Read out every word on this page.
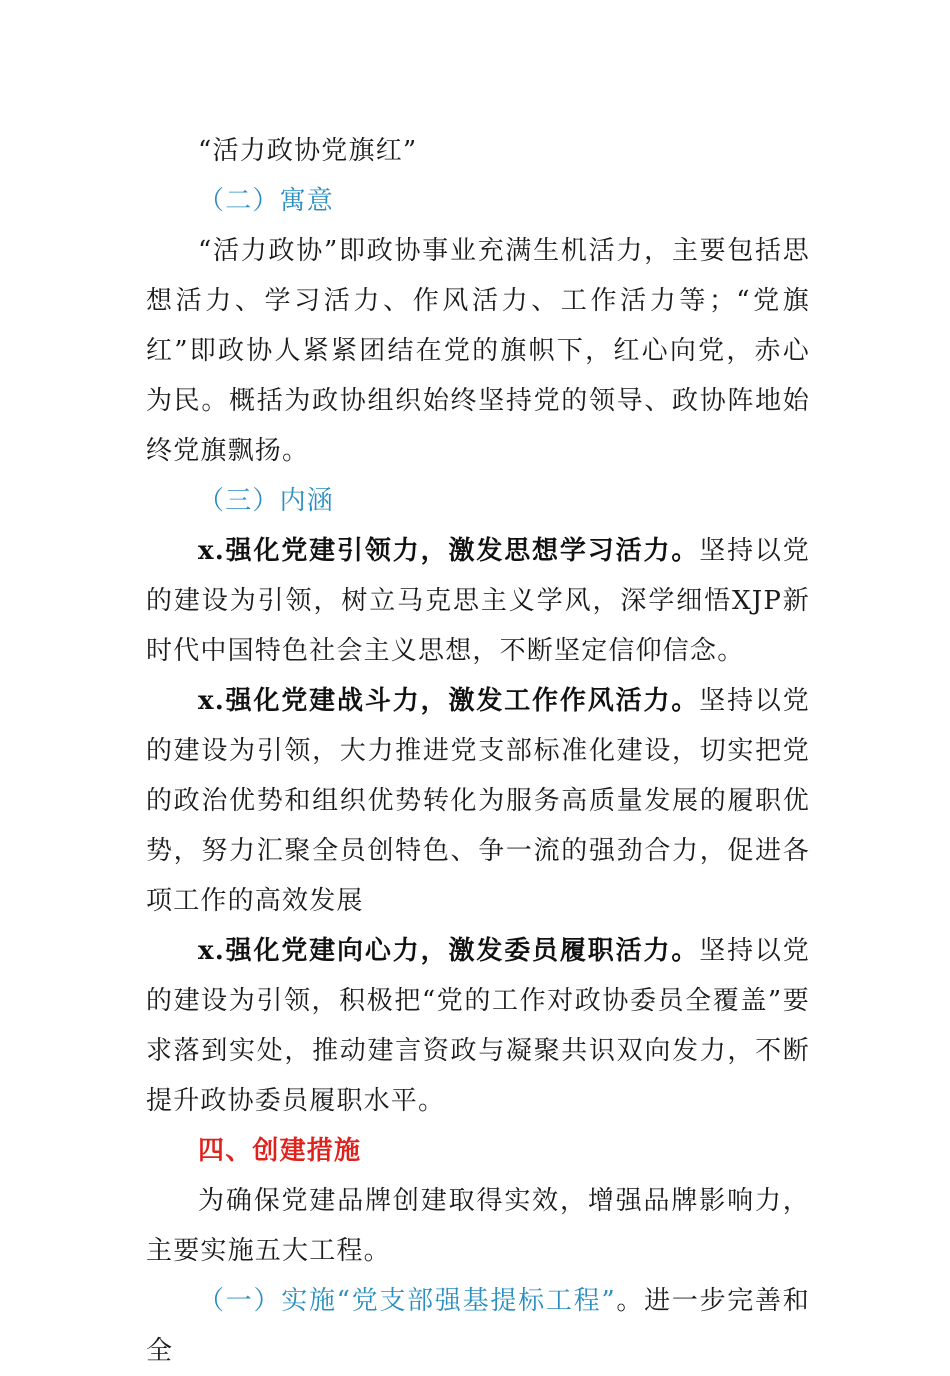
“活力政协党旗红”

（二）寓意

“活力政协”即政协事业充满生机活力，主要包括思想活力、学习活力、作风活力、工作活力等；“党旗红”即政协人紧紧团结在党的旗帜下，红心向党，赤心为民。概括为政协组织始终坚持党的领导、政协阵地始终党旗飘扬。

（三）内涵

x.强化党建引领力，激发思想学习活力。坚持以党的建设为引领，树立马克思主义学风，深学细悟XJP新时代中国特色社会主义思想，不断坚定信仰信念。

x.强化党建战斗力，激发工作作风活力。坚持以党的建设为引领，大力推进党支部标准化建设，切实把党的政治优势和组织优势转化为服务高质量发展的履职优势，努力汇聚全员创特色、争一流的强劲合力，促进各项工作的高效发展

x.强化党建向心力，激发委员履职活力。坚持以党的建设为引领，积极把“党的工作对政协委员全覆盖”要求落到实处，推动建言资政与凝聚共识双向发力，不断提升政协委员履职水平。

四、创建措施

为确保党建品牌创建取得实效，增强品牌影响力，主要实施五大工程。

（一）实施“党支部强基提标工程”。进一步完善和全
